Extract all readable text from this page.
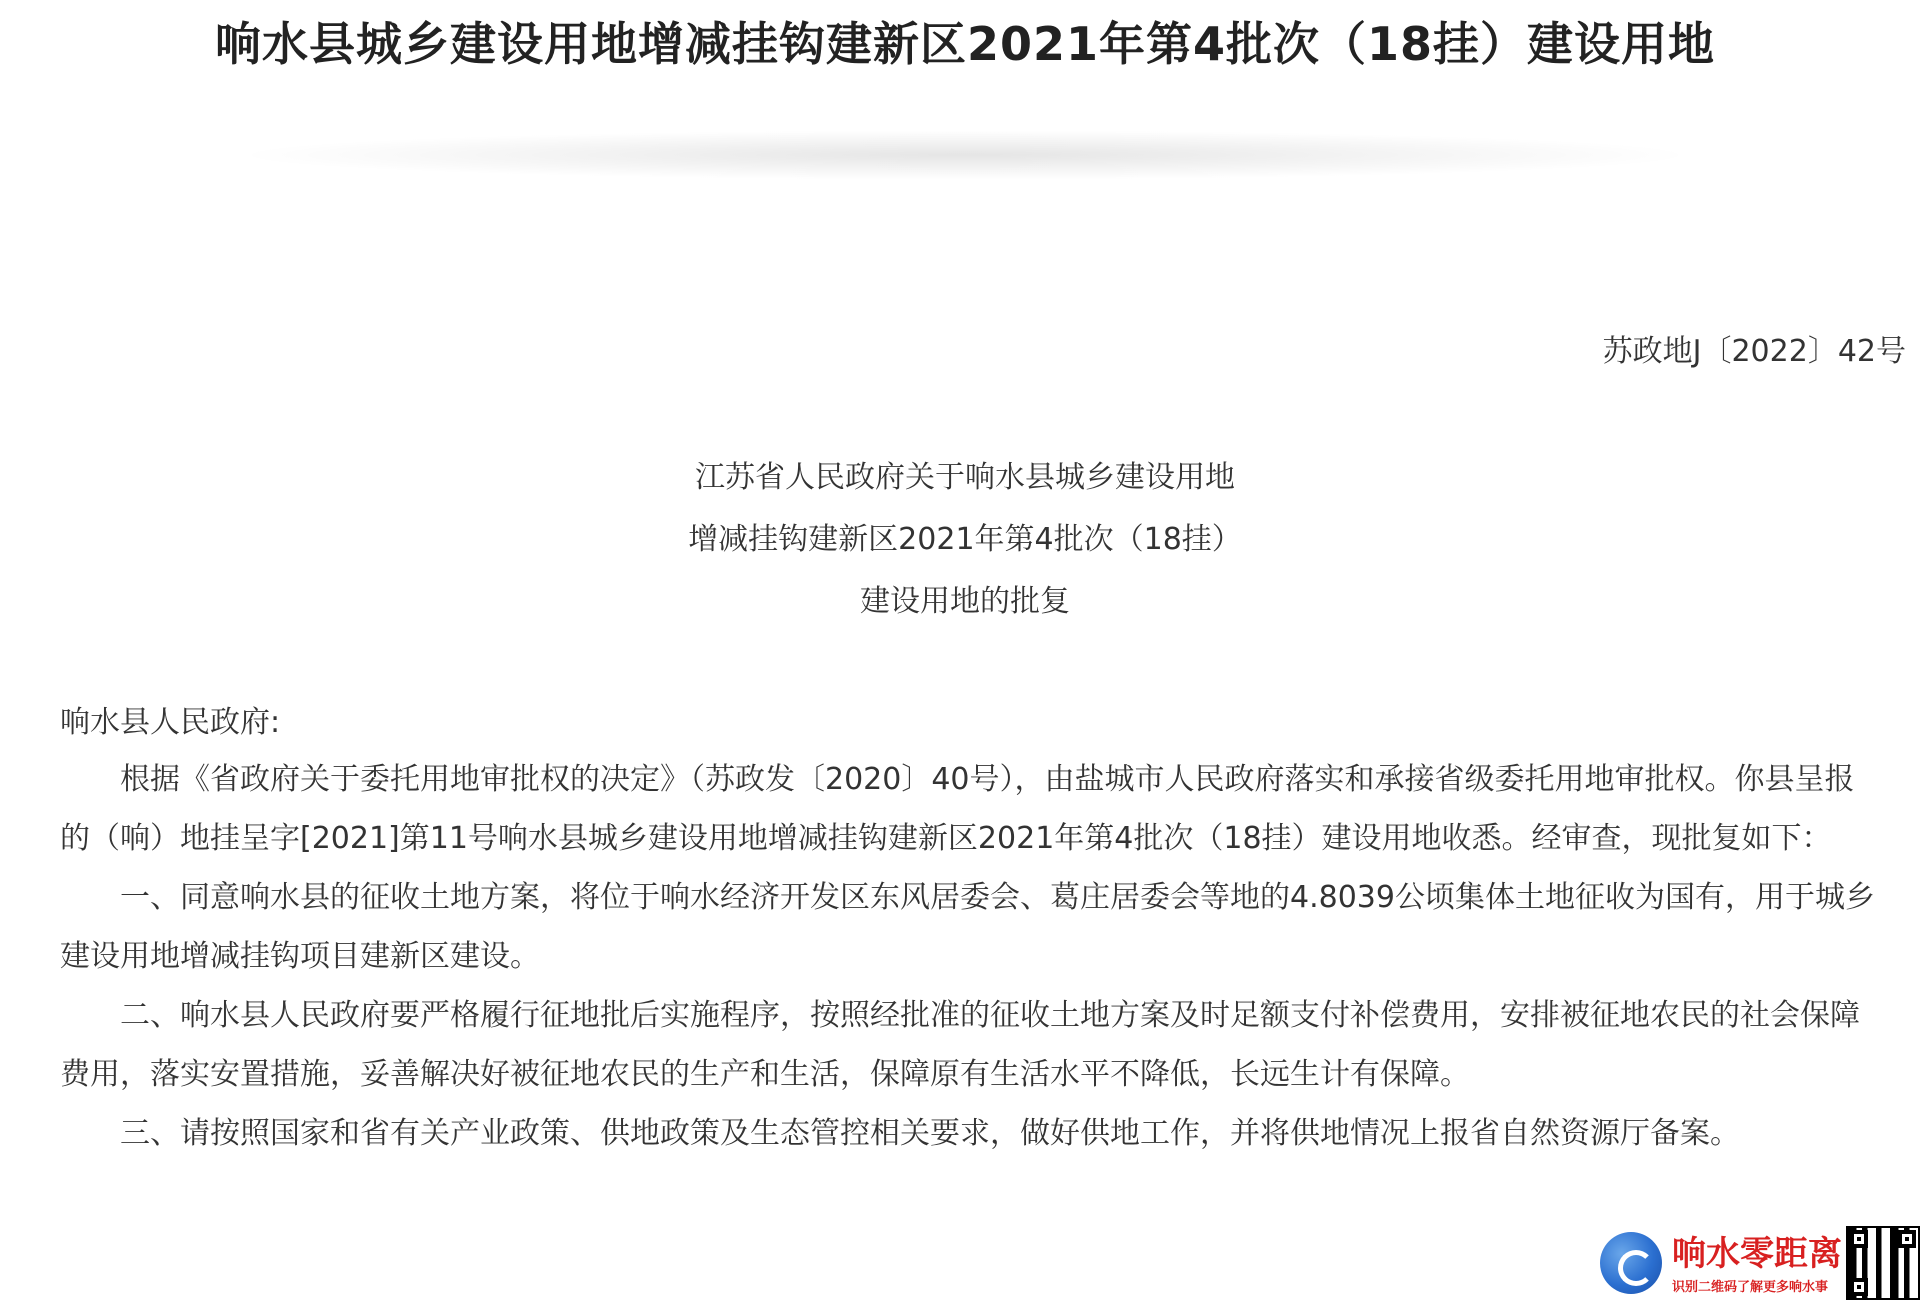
响水县城乡建设用地增减挂钩建新区2021年第4批次（18挂）建设用地
苏政地J〔2022〕42号
江苏省人民政府关于响水县城乡建设用地
增减挂钩建新区2021年第4批次（18挂）
建设用地的批复
响水县人民政府:

根据《省政府关于委托用地审批权的决定》（苏政发〔2020〕40号），由盐城市人民政府落实和承接省级委托用地审批权。你县呈报的（响）地挂呈字[2021]第11号响水县城乡建设用地增减挂钩建新区2021年第4批次（18挂）建设用地收悉。经审查，现批复如下：

一、同意响水县的征收土地方案，将位于响水经济开发区东风居委会、葛庄居委会等地的4.8039公顷集体土地征收为国有，用于城乡建设用地增减挂钩项目建新区建设。

二、响水县人民政府要严格履行征地批后实施程序，按照经批准的征收土地方案及时足额支付补偿费用，安排被征地农民的社会保障费用，落实安置措施，妥善解决好被征地农民的生产和生活，保障原有生活水平不降低，长远生计有保障。

三、请按照国家和省有关产业政策、供地政策及生态管控相关要求，做好供地工作，并将供地情况上报省自然资源厅备案。

响水零距离
识别二维码了解更多响水事
